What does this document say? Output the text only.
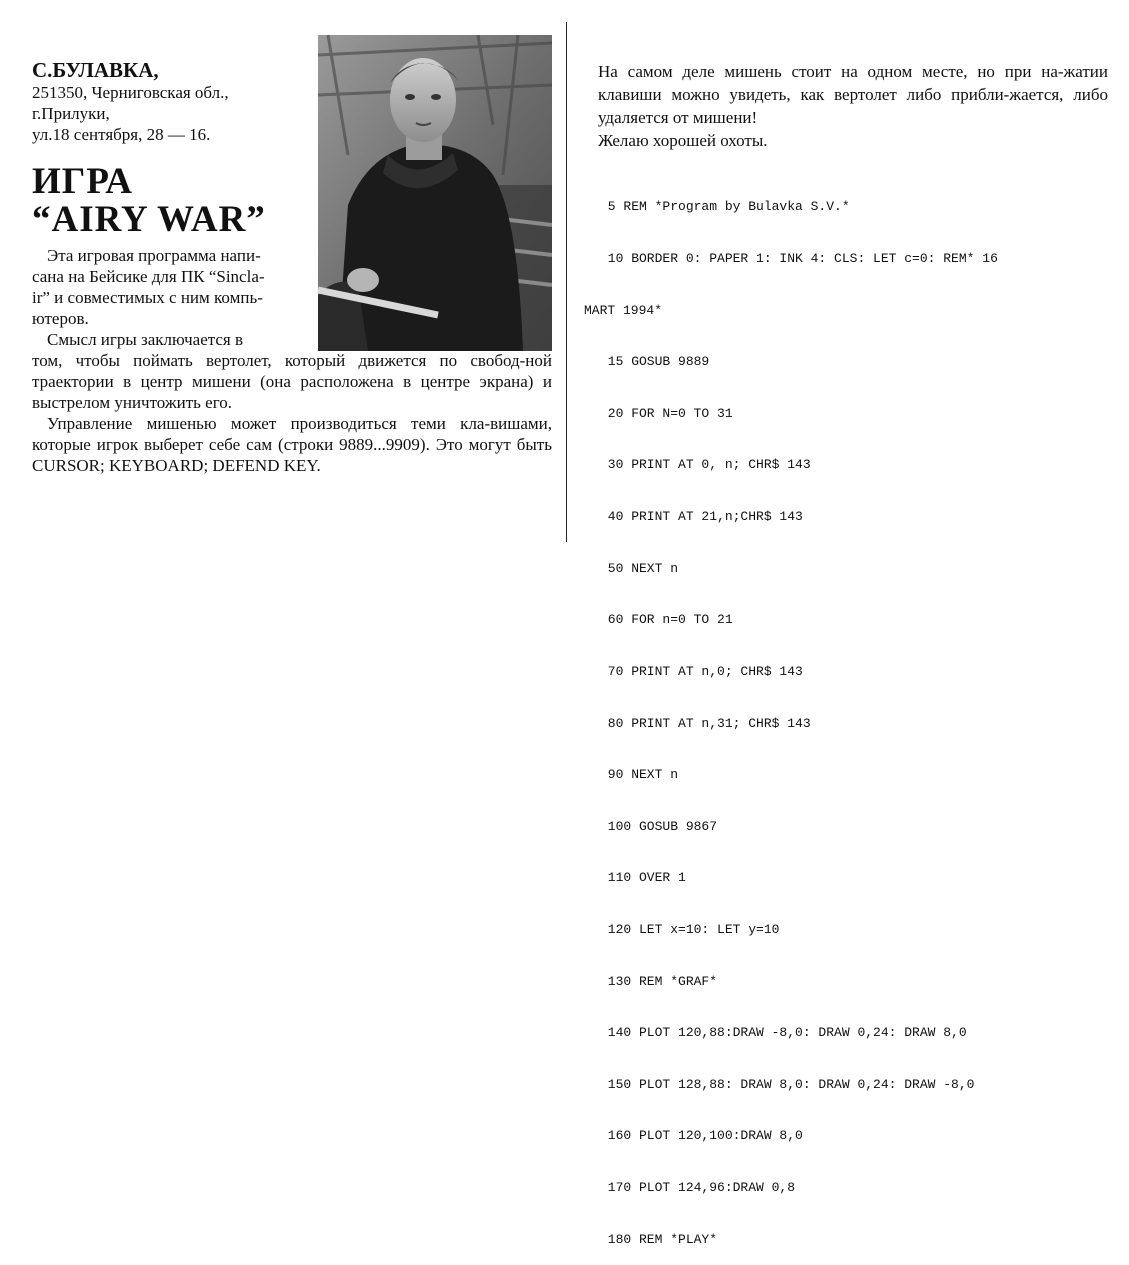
С.БУЛАВКА,

251350, Черниговская обл.,

г.Прилуки,

ул.18 сентября, 28 — 16.

ИГРА

“AIRY WAR”

Эта игровая программа напи-

сана на Бейсике для ПК “Sincla-

ir” и совместимых с ним компь-

ютеров.

Смысл игры заключается в

том, чтобы поймать вертолет, который движется по свобод-ной траектории в центр мишени (она расположена в центре экрана) и выстрелом уничтожить его.

Управление мишенью может производиться теми кла-вишами, которые игрок выберет себе сам (строки 9889...9909). Это могут быть CURSOR; KEYBOARD; DEFEND KEY.

На самом деле мишень стоит на одном месте, но при на-жатии клавиши можно увидеть, как вертолет либо прибли-жается, либо удаляется от мишени!

Желаю хорошей охоты.

5 REM *Program by Bulavka S.V.*

10 BORDER 0: PAPER 1: INK 4: CLS: LET c=0: REM* 16

MART 1994*

15 GOSUB 9889

20 FOR N=0 TO 31

30 PRINT AT 0, n; CHR$ 143

40 PRINT AT 21,n;CHR$ 143

50 NEXT n

60 FOR n=0 TO 21

70 PRINT AT n,0; CHR$ 143

80 PRINT AT n,31; CHR$ 143

90 NEXT n

100 GOSUB 9867

110 OVER 1

120 LET x=10: LET y=10

130 REM *GRAF*

140 PLOT 120,88:DRAW -8,0: DRAW 0,24: DRAW 8,0

150 PLOT 128,88: DRAW 8,0: DRAW 0,24: DRAW -8,0

160 PLOT 120,100:DRAW 8,0

170 PLOT 124,96:DRAW 0,8

180 REM *PLAY*
